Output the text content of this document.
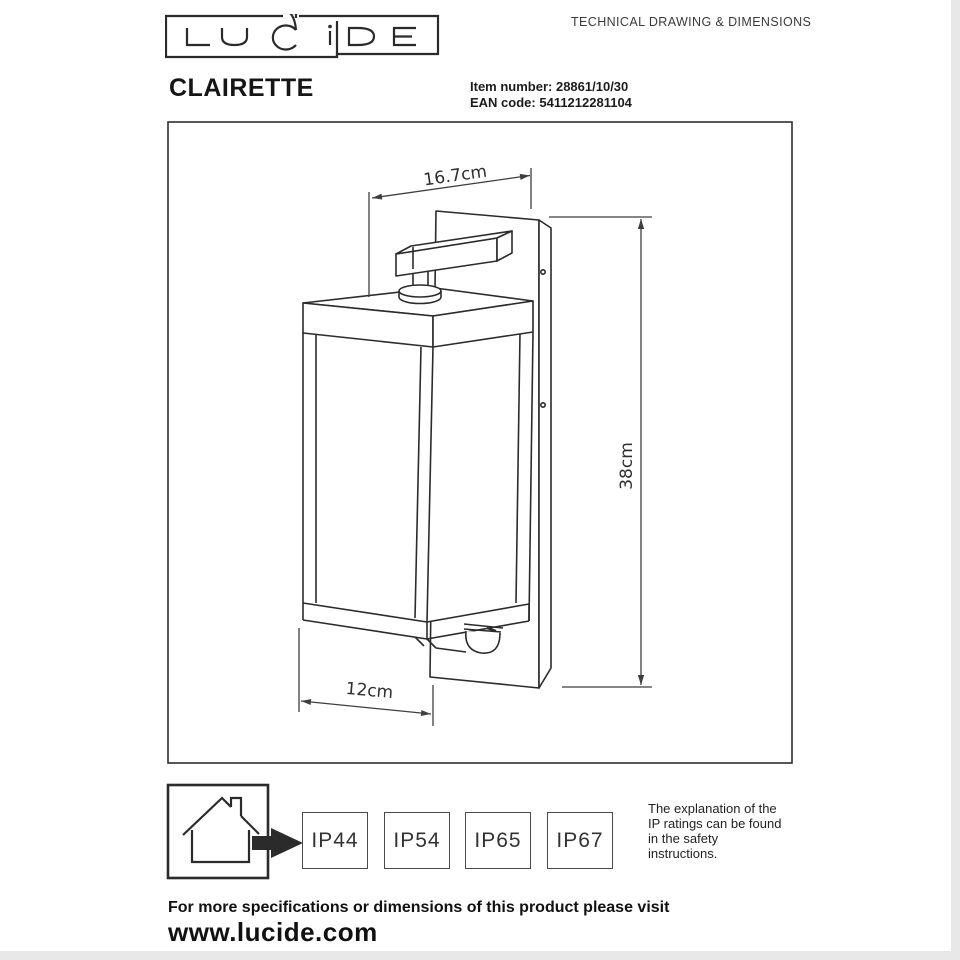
TECHNICAL DRAWING & DIMENSIONS
CLAIRETTE	Item number: 28861/10/30
EAN code: 5411212281104
16.7cm
38cm
12cm
IP44	IP54	IP65	IP67
The explanation of the
IP ratings can be found
in the safety
instructions.
For more specifications or dimensions of this product please visit
www.lucide.com
